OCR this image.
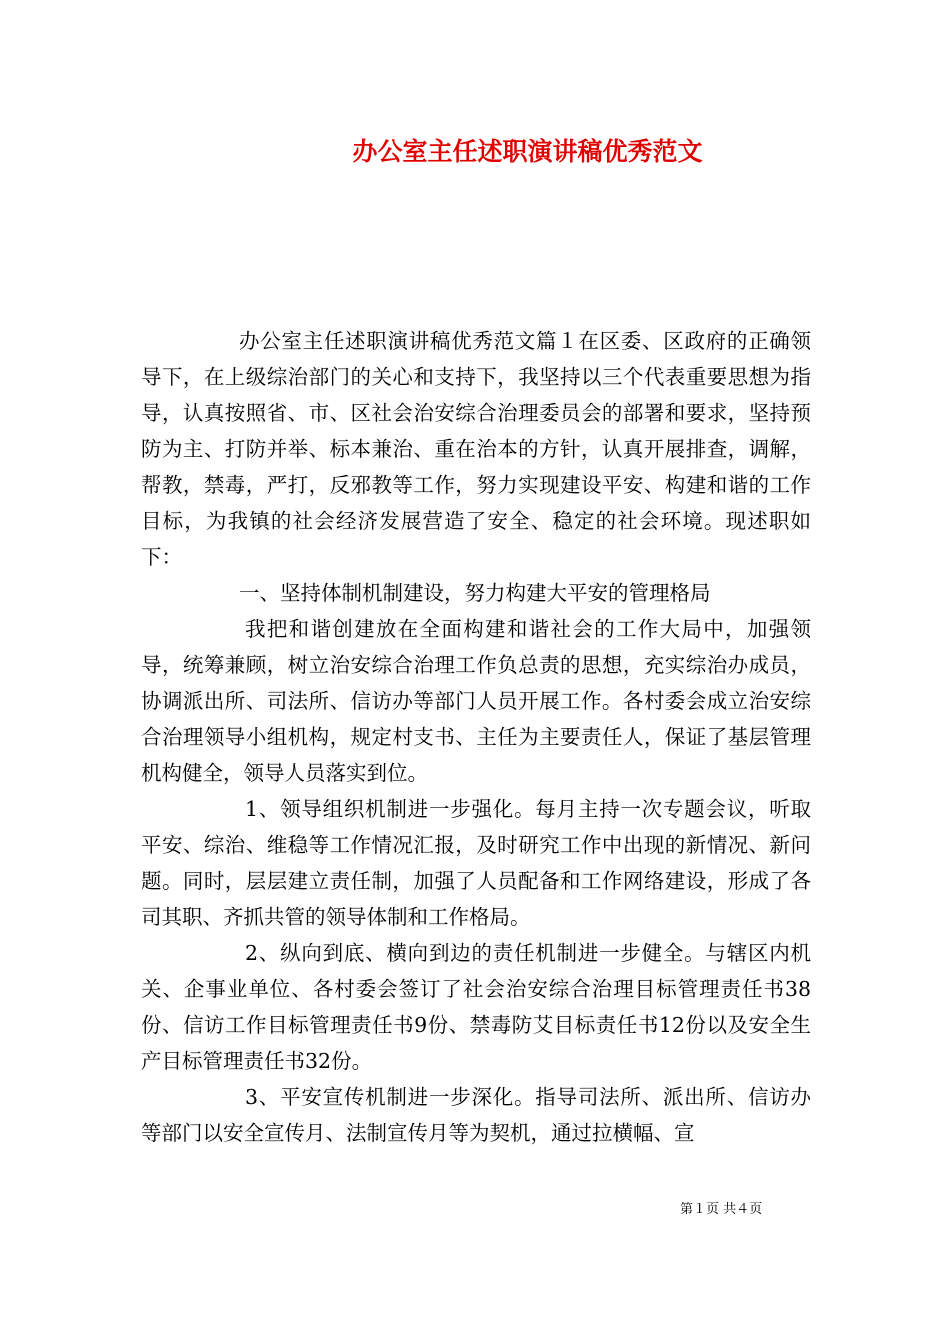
办公室主任述职演讲稿优秀范文

办公室主任述职演讲稿优秀范文篇１在区委、区政府的正确领导下，在上级综治部门的关心和支持下，我坚持以三个代表重要思想为指导，认真按照省、市、区社会治安综合治理委员会的部署和要求，坚持预防为主、打防并举、标本兼治、重在治本的方针，认真开展排查，调解，帮教，禁毒，严打，反邪教等工作，努力实现建设平安、构建和谐的工作目标，为我镇的社会经济发展营造了安全、稳定的社会环境。现述职如下：

一、坚持体制机制建设，努力构建大平安的管理格局

我把和谐创建放在全面构建和谐社会的工作大局中，加强领导，统筹兼顾，树立治安综合治理工作负总责的思想，充实综治办成员，协调派出所、司法所、信访办等部门人员开展工作。各村委会成立治安综合治理领导小组机构，规定村支书、主任为主要责任人，保证了基层管理机构健全，领导人员落实到位。

1、领导组织机制进一步强化。每月主持一次专题会议，听取平安、综治、维稳等工作情况汇报，及时研究工作中出现的新情况、新问题。同时，层层建立责任制，加强了人员配备和工作网络建设，形成了各司其职、齐抓共管的领导体制和工作格局。

2、纵向到底、横向到边的责任机制进一步健全。与辖区内机关、企事业单位、各村委会签订了社会治安综合治理目标管理责任书38份、信访工作目标管理责任书9份、禁毒防艾目标责任书12份以及安全生产目标管理责任书32份。

3、平安宣传机制进一步深化。指导司法所、派出所、信访办等部门以安全宣传月、法制宣传月等为契机，通过拉横幅、宣

第１页 共４页
